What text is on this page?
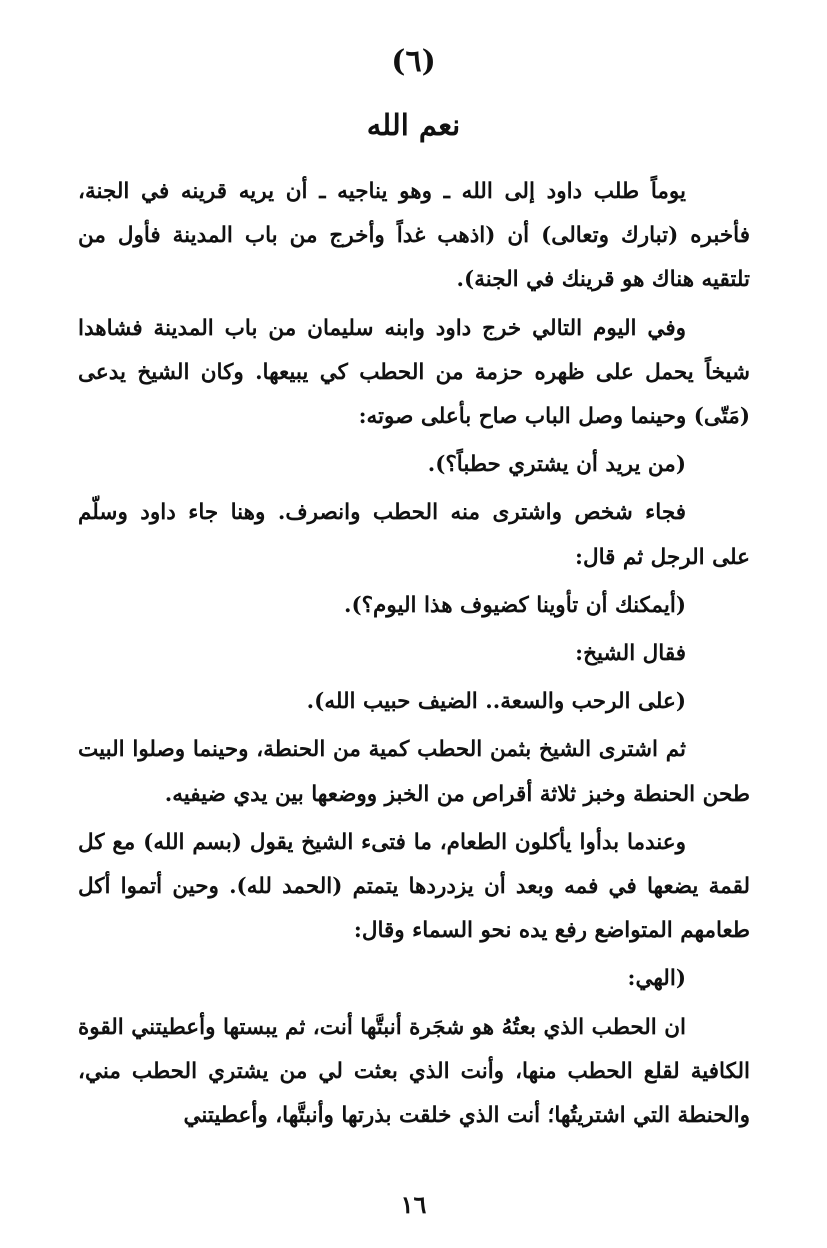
(٦)
نعم الله

يوماً طلب داود إلى الله ـ وهو يناجيه ـ أن يريه قرينه في الجنة، فأخبره (تبارك وتعالى) أن (اذهب غداً وأخرج من باب المدينة فأول من تلتقيه هناك هو قرينك في الجنة).

وفي اليوم التالي خرج داود وابنه سليمان من باب المدينة فشاهدا شيخاً يحمل على ظهره حزمة من الحطب كي يبيعها. وكان الشيخ يدعى (مَتّى) وحينما وصل الباب صاح بأعلى صوته:

(من يريد أن يشتري حطباً؟).

فجاء شخص واشترى منه الحطب وانصرف. وهنا جاء داود وسلّم على الرجل ثم قال:

(أيمكنك أن تأوينا كضيوف هذا اليوم؟).

فقال الشيخ:

(على الرحب والسعة.. الضيف حبيب الله).

ثم اشترى الشيخ بثمن الحطب كمية من الحنطة، وحينما وصلوا البيت طحن الحنطة وخبز ثلاثة أقراص من الخبز ووضعها بين يدي ضيفيه.

وعندما بدأوا يأكلون الطعام، ما فتىء الشيخ يقول (بسم الله) مع كل لقمة يضعها في فمه وبعد أن يزدردها يتمتم (الحمد لله). وحين أتموا أكل طعامهم المتواضع رفع يده نحو السماء وقال:

(الهي:

ان الحطب الذي بعتُهُ هو شجَرة أنبتَّها أنت، ثم يبستها وأعطيتني القوة الكافية لقلع الحطب منها، وأنت الذي بعثت لي من يشتري الحطب مني، والحنطة التي اشتريتُها؛ أنت الذي خلقت بذرتها وأنبتَّها، وأعطيتني

١٦
